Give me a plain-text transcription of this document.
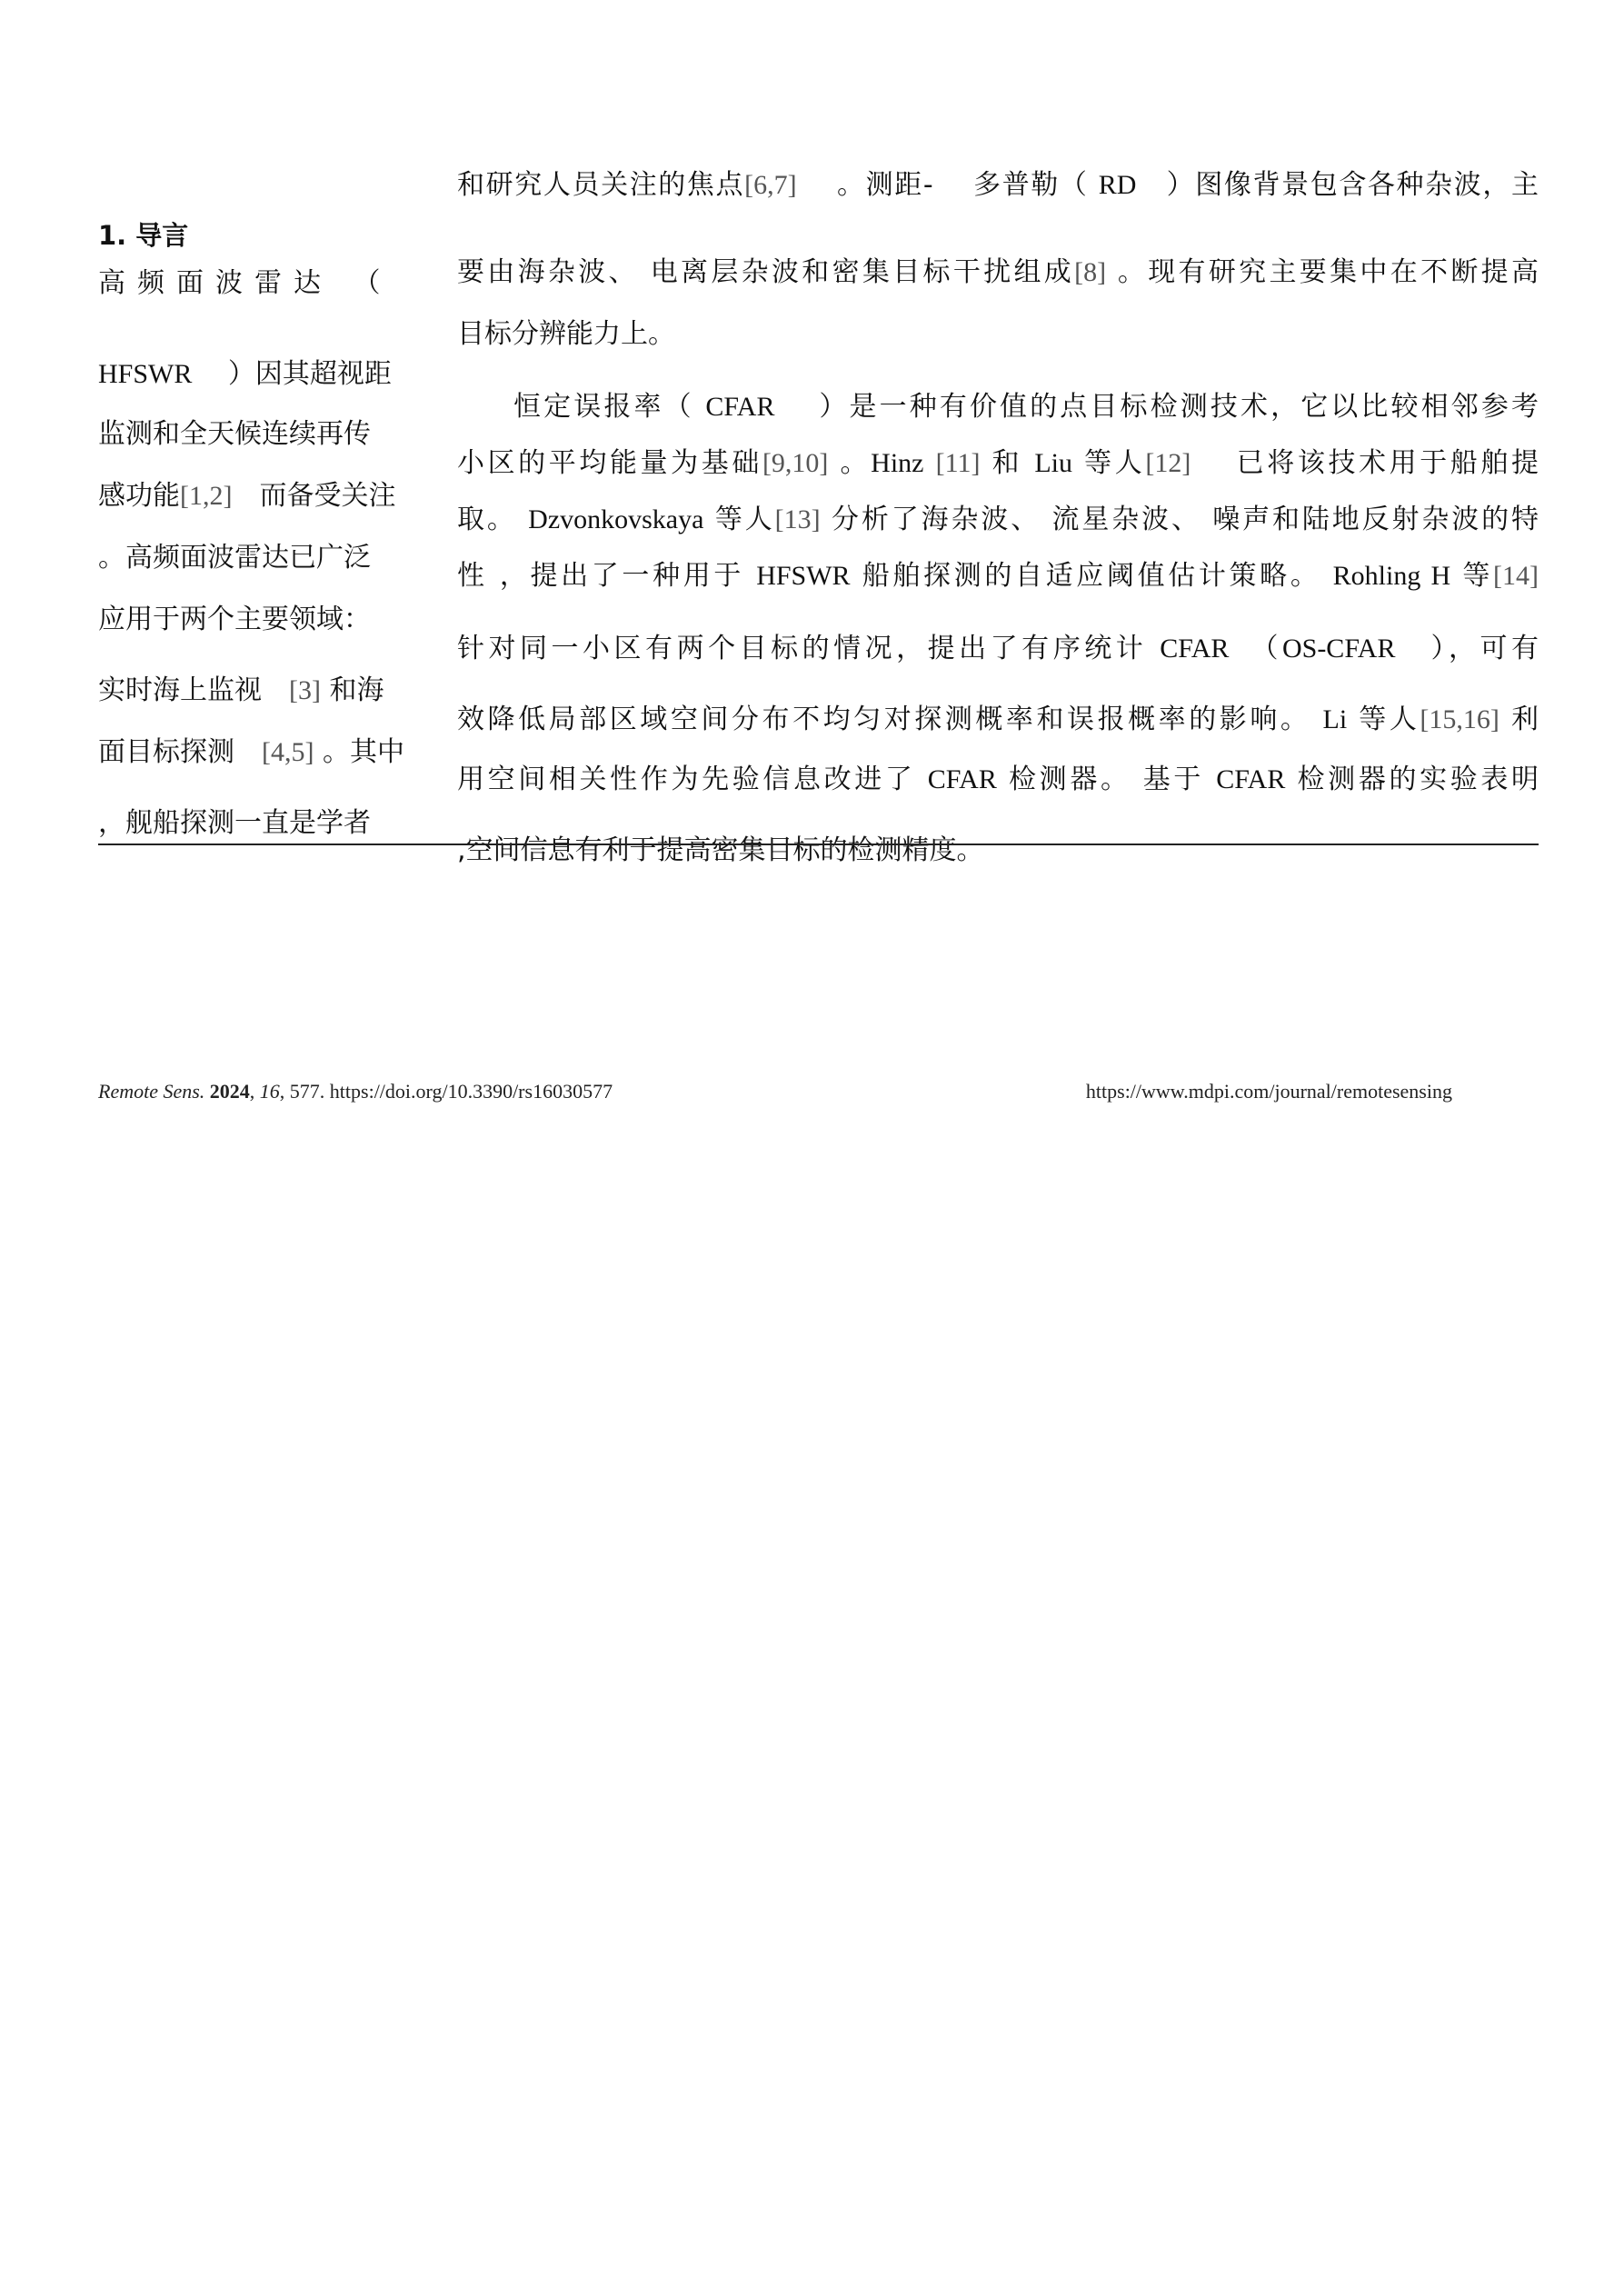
1. 导言
高频面波雷达 （
HFSWR　 ）因其超视距
监测和全天候连续再传
感功能[1,2]　而备受关注
。高频面波雷达已广泛
应用于两个主要领域：
实时海上监视　[3] 和海
面目标探测　[4,5] 。其中
，舰船探测一直是学者
和研究人员关注的焦点[6,7]　 。测距-　 多普勒（ RD　）图像背景包含各种杂波，主
要由海杂波、 电离层杂波和密集目标干扰组成[8] 。现有研究主要集中在不断提高
目标分辨能力上。
恒定误报率（ CFAR　 ）是一种有价值的点目标检测技术，它以比较相邻参考
小区的平均能量为基础[9,10] 。Hinz [11] 和 Liu 等人[12]　 已将该技术用于船舶提
取。 Dzvonkovskaya 等人[13] 分析了海杂波、 流星杂波、 噪声和陆地反射杂波的特
性 ，提出了一种用于 HFSWR 船舶探测的自适应阈值估计策略。 Rohling H 等[14]
针对同一小区有两个目标的情况，提出了有序统计 CFAR　（OS-CFAR　），可有
效降低局部区域空间分布不均匀对探测概率和误报概率的影响。 Li 等人[15,16] 利
用空间相关性作为先验信息改进了 CFAR 检测器。 基于 CFAR 检测器的实验表明
,空间信息有利于提高密集目标的检测精度。
Remote Sens. 2024, 16, 577. https://doi.org/10.3390/rs16030577	https://www.mdpi.com/journal/remotesensing
